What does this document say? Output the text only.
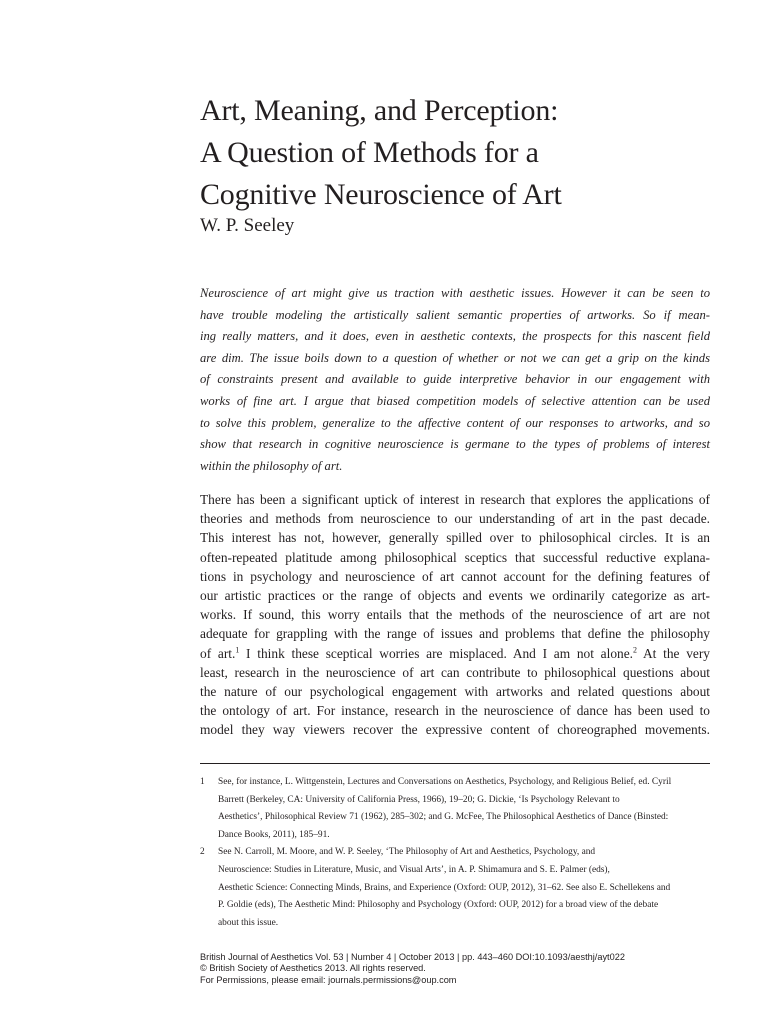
Art, Meaning, and Perception:
A Question of Methods for a
Cognitive Neuroscience of Art
W. P. Seeley
Neuroscience of art might give us traction with aesthetic issues. However it can be seen to
have trouble modeling the artistically salient semantic properties of artworks. So if mean-
ing really matters, and it does, even in aesthetic contexts, the prospects for this nascent field
are dim. The issue boils down to a question of whether or not we can get a grip on the kinds
of constraints present and available to guide interpretive behavior in our engagement with
works of fine art. I argue that biased competition models of selective attention can be used
to solve this problem, generalize to the affective content of our responses to artworks, and so
show that research in cognitive neuroscience is germane to the types of problems of interest
within the philosophy of art.
There has been a significant uptick of interest in research that explores the applications of
theories and methods from neuroscience to our understanding of art in the past decade.
This interest has not, however, generally spilled over to philosophical circles. It is an
often-repeated platitude among philosophical sceptics that successful reductive explana-
tions in psychology and neuroscience of art cannot account for the defining features of
our artistic practices or the range of objects and events we ordinarily categorize as art-
works. If sound, this worry entails that the methods of the neuroscience of art are not
adequate for grappling with the range of issues and problems that define the philosophy
of art.$^1$ I think these sceptical worries are misplaced. And I am not alone.$^2$ At the very
least, research in the neuroscience of art can contribute to philosophical questions about
the nature of our psychological engagement with artworks and related questions about
the ontology of art. For instance, research in the neuroscience of dance has been used to
model they way viewers recover the expressive content of choreographed movements.
1 See, for instance, L. Wittgenstein, Lectures and Conversations on Aesthetics, Psychology, and Religious Belief, ed. Cyril
Barrett (Berkeley, CA: University of California Press, 1966), 19–20; G. Dickie, ‘Is Psychology Relevant to
Aesthetics’, Philosophical Review 71 (1962), 285–302; and G. McFee, The Philosophical Aesthetics of Dance (Binsted:
Dance Books, 2011), 185–91.
2 See N. Carroll, M. Moore, and W. P. Seeley, ‘The Philosophy of Art and Aesthetics, Psychology, and
Neuroscience: Studies in Literature, Music, and Visual Arts’, in A. P. Shimamura and S. E. Palmer (eds),
Aesthetic Science: Connecting Minds, Brains, and Experience (Oxford: OUP, 2012), 31–62. See also E. Schellekens and
P. Goldie (eds), The Aesthetic Mind: Philosophy and Psychology (Oxford: OUP, 2012) for a broad view of the debate
about this issue.
British Journal of Aesthetics Vol. 53 | Number 4 | October 2013 | pp. 443–460 DOI:10.1093/aesthj/ayt022
© British Society of Aesthetics 2013. All rights reserved.
For Permissions, please email: journals.permissions@oup.com
